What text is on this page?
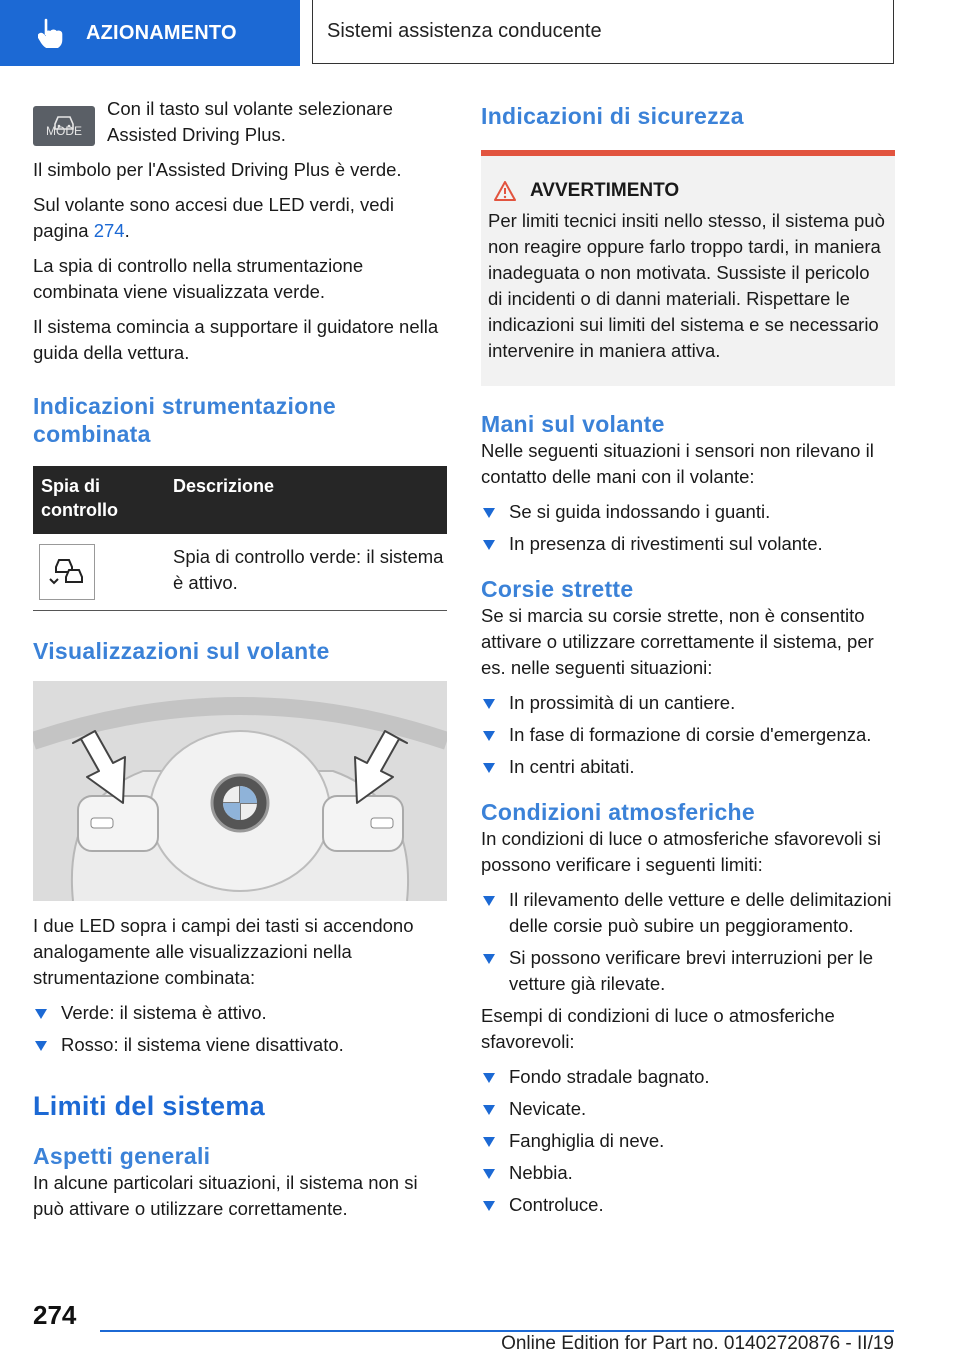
AZIONAMENTO	Sistemi assistenza conducente
MODE

Con il tasto sul volante selezionare Assisted Driving Plus.

Il simbolo per l'Assisted Driving Plus è verde.

Sul volante sono accesi due LED verdi, vedi pagina 274.

La spia di controllo nella strumentazione combinata viene visualizzata verde.

Il sistema comincia a supportare il guidatore nella guida della vettura.

Indicazioni strumentazione combinata
Spia di controllo	Descrizione

	Spia di controllo verde: il sistema è attivo.
Visualizzazioni sul volante

I due LED sopra i campi dei tasti si accendono analogamente alle visualizzazioni nella strumentazione combinata:

Verde: il sistema è attivo.
Rosso: il sistema viene disattivato.
Limiti del sistema
Aspetti generali

In alcune particolari situazioni, il sistema non si può attivare o utilizzare correttamente.

Indicazioni di sicurezza
AVVERTIMENTO
Per limiti tecnici insiti nello stesso, il sistema può non reagire oppure farlo troppo tardi, in maniera inadeguata o non motivata. Sussiste il pericolo di incidenti o di danni materiali. Rispettare le indicazioni sui limiti del sistema e se necessario intervenire in maniera attiva.
Mani sul volante

Nelle seguenti situazioni i sensori non rilevano il contatto delle mani con il volante:

Se si guida indossando i guanti.
In presenza di rivestimenti sul volante.
Corsie strette

Se si marcia su corsie strette, non è consentito attivare o utilizzare correttamente il sistema, per es. nelle seguenti situazioni:

In prossimità di un cantiere.
In fase di formazione di corsie d'emergenza.
In centri abitati.
Condizioni atmosferiche

In condizioni di luce o atmosferiche sfavorevoli si possono verificare i seguenti limiti:

Il rilevamento delle vetture e delle delimitazioni delle corsie può subire un peggioramento.
Si possono verificare brevi interruzioni per le vetture già rilevate.

Esempi di condizioni di luce o atmosferiche sfavorevoli:

Fondo stradale bagnato.
Nevicate.
Fanghiglia di neve.
Nebbia.
Controluce.
274
Online Edition for Part no. 01402720876 - II/19
